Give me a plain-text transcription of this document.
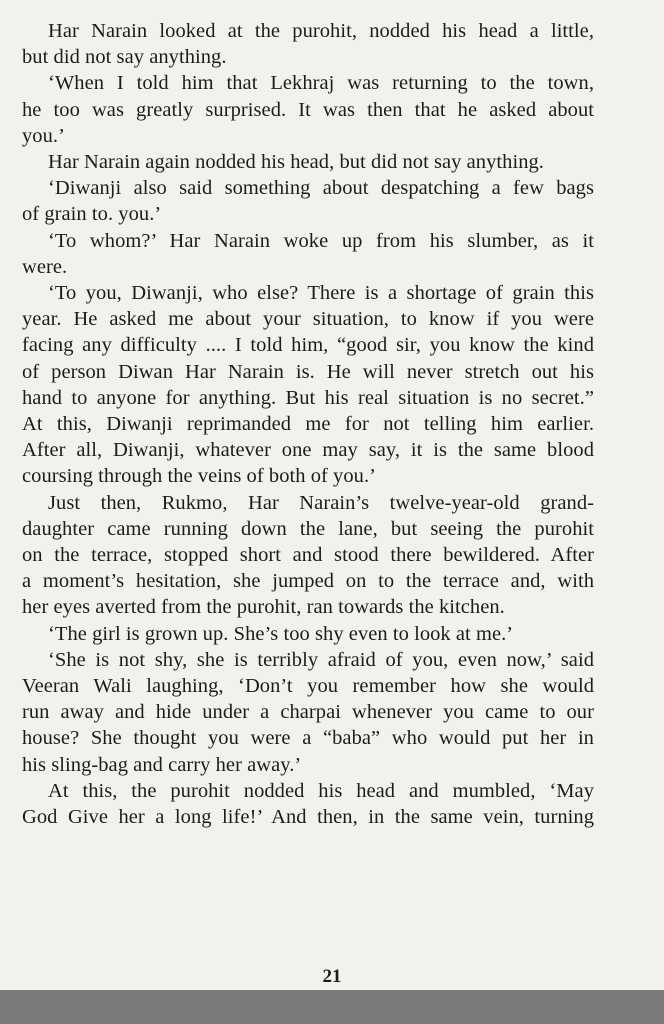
Har Narain looked at the purohit, nodded his head a little,
but did not say anything.
‘When I told him that Lekhraj was returning to the town,
he too was greatly surprised. It was then that he asked about
you.’
Har Narain again nodded his head, but did not say anything.
‘Diwanji also said something about despatching a few bags
of grain to. you.’
‘To whom?’ Har Narain woke up from his slumber, as it
were.
‘To you, Diwanji, who else? There is a shortage of grain this
year. He asked me about your situation, to know if you were
facing any difficulty .... I told him, “good sir, you know the kind
of person Diwan Har Narain is. He will never stretch out his
hand to anyone for anything. But his real situation is no secret.”
At this, Diwanji reprimanded me for not telling him earlier.
After all, Diwanji, whatever one may say, it is the same blood
coursing through the veins of both of you.’
Just then, Rukmo, Har Narain’s twelve-year-old grand-
daughter came running down the lane, but seeing the purohit
on the terrace, stopped short and stood there bewildered. After
a moment’s hesitation, she jumped on to the terrace and, with
her eyes averted from the purohit, ran towards the kitchen.
‘The girl is grown up. She’s too shy even to look at me.’
‘She is not shy, she is terribly afraid of you, even now,’ said
Veeran Wali laughing, ‘Don’t you remember how she would
run away and hide under a charpai whenever you came to our
house? She thought you were a “baba” who would put her in
his sling-bag and carry her away.’
At this, the purohit nodded his head and mumbled, ‘May
God Give her a long life!’ And then, in the same vein, turning
21
